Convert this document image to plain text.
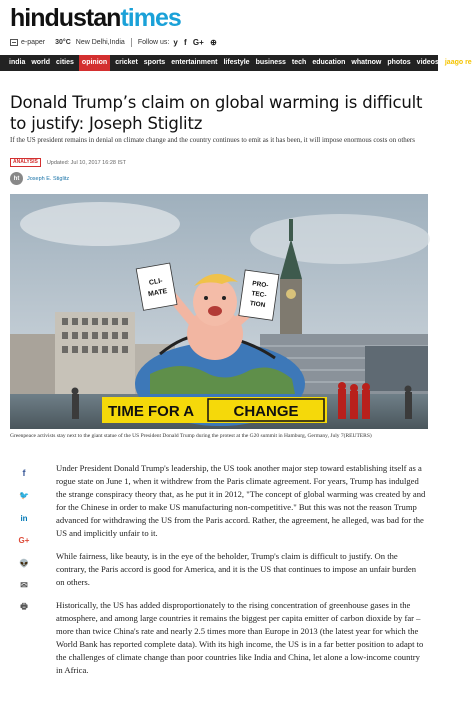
hindustan times
e-paper 30°C New Delhi,India Follow us: y f G+ ⊕
india world cities	opinion	cricket sports entertainment lifestyle business tech education whatnow photos videos jaago re
Donald Trump’s claim on global warming is difficult to justify: Joseph Stiglitz

If the US president remains in denial on climate change and the country continues to emit as it has been, it will impose enormous costs on others

ANALYSIS	Updated: Jul 10, 2017 16:28 IST
ht	Joseph E. Stiglitz
CLI-
MATE
PRO-
TEC-
TION
TIME FOR A	CHANGE

Greenpeace activists stay next to the giant statue of the US President Donald Trump during the protest at the G20 summit in Hamburg, Germany, July 7(REUTERS)

f
🐦
in
G+
👽
✉
🖶

Under President Donald Trump's leadership, the US took another major step toward establishing itself as a rogue state on June 1, when it withdrew from the Paris climate agreement. For years, Trump has indulged the strange conspiracy theory that, as he put it in 2012, "The concept of global warming was created by and for the Chinese in order to make US manufacturing non-competitive." But this was not the reason Trump advanced for withdrawing the US from the Paris accord. Rather, the agreement, he alleged, was bad for the US and implicitly unfair to it.

While fairness, like beauty, is in the eye of the beholder, Trump's claim is difficult to justify. On the contrary, the Paris accord is good for America, and it is the US that continues to impose an unfair burden on others.

Historically, the US has added disproportionately to the rising concentration of greenhouse gases in the atmosphere, and among large countries it remains the biggest per capita emitter of carbon dioxide by far – more than twice China's rate and nearly 2.5 times more than Europe in 2013 (the latest year for which the World Bank has reported complete data). With its high income, the US is in a far better position to adapt to the challenges of climate change than poor countries like India and China, let alone a low-income country in Africa.
